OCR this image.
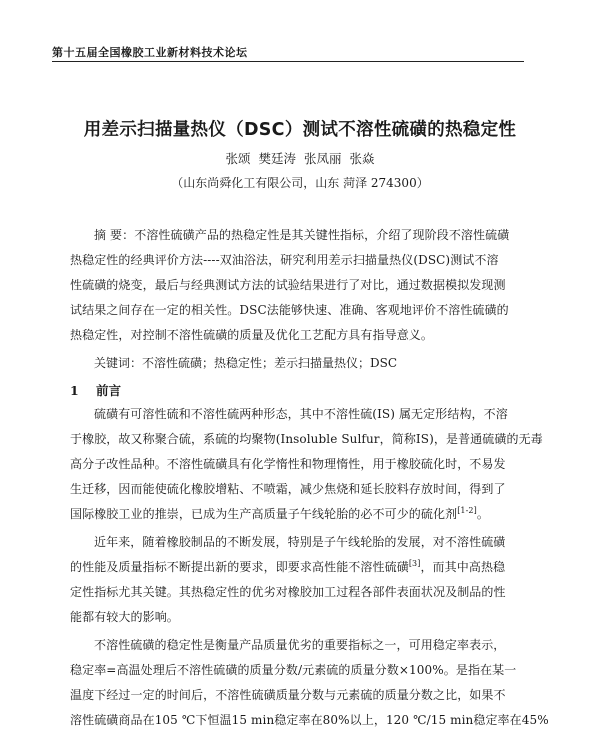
第十五届全国橡胶工业新材料技术论坛
用差示扫描量热仪（DSC）测试不溶性硫磺的热稳定性
张颂 樊廷涛 张凤丽 张焱
（山东尚舜化工有限公司，山东 菏泽 274300）
摘 要：不溶性硫磺产品的热稳定性是其关键性指标，介绍了现阶段不溶性硫磺
热稳定性的经典评价方法----双油浴法，研究利用差示扫描量热仪(DSC)测试不溶
性硫磺的烧变，最后与经典测试方法的试验结果进行了对比，通过数据模拟发现测
试结果之间存在一定的相关性。DSC法能够快速、准确、客观地评价不溶性硫磺的
热稳定性，对控制不溶性硫磺的质量及优化工艺配方具有指导意义。
关键词：不溶性硫磺；热稳定性；差示扫描量热仪；DSC
1 前言
硫磺有可溶性硫和不溶性硫两种形态，其中不溶性硫(IS) 属无定形结构，不溶
于橡胶，故又称聚合硫，系硫的均聚物(Insoluble Sulfur，简称IS)，是普通硫磺的无毒
高分子改性品种。不溶性硫磺具有化学惰性和物理惰性，用于橡胶硫化时，不易发
生迁移，因而能使硫化橡胶增粘、不喷霜，减少焦烧和延长胶料存放时间，得到了
国际橡胶工业的推崇，已成为生产高质量子午线轮胎的必不可少的硫化剂[1-2]。
近年来，随着橡胶制品的不断发展，特别是子午线轮胎的发展，对不溶性硫磺
的性能及质量指标不断提出新的要求，即要求高性能不溶性硫磺[3]，而其中高热稳
定性指标尤其关键。其热稳定性的优劣对橡胶加工过程各部件表面状况及制品的性
能都有较大的影响。
不溶性硫磺的稳定性是衡量产品质量优劣的重要指标之一，可用稳定率表示，
稳定率=高温处理后不溶性硫磺的质量分数/元素硫的质量分数×100%。是指在某一
温度下经过一定的时间后，不溶性硫磺质量分数与元素硫的质量分数之比，如果不
溶性硫磺商品在105 ℃下恒温15 min稳定率在80%以上，120 ℃/15 min稳定率在45%
